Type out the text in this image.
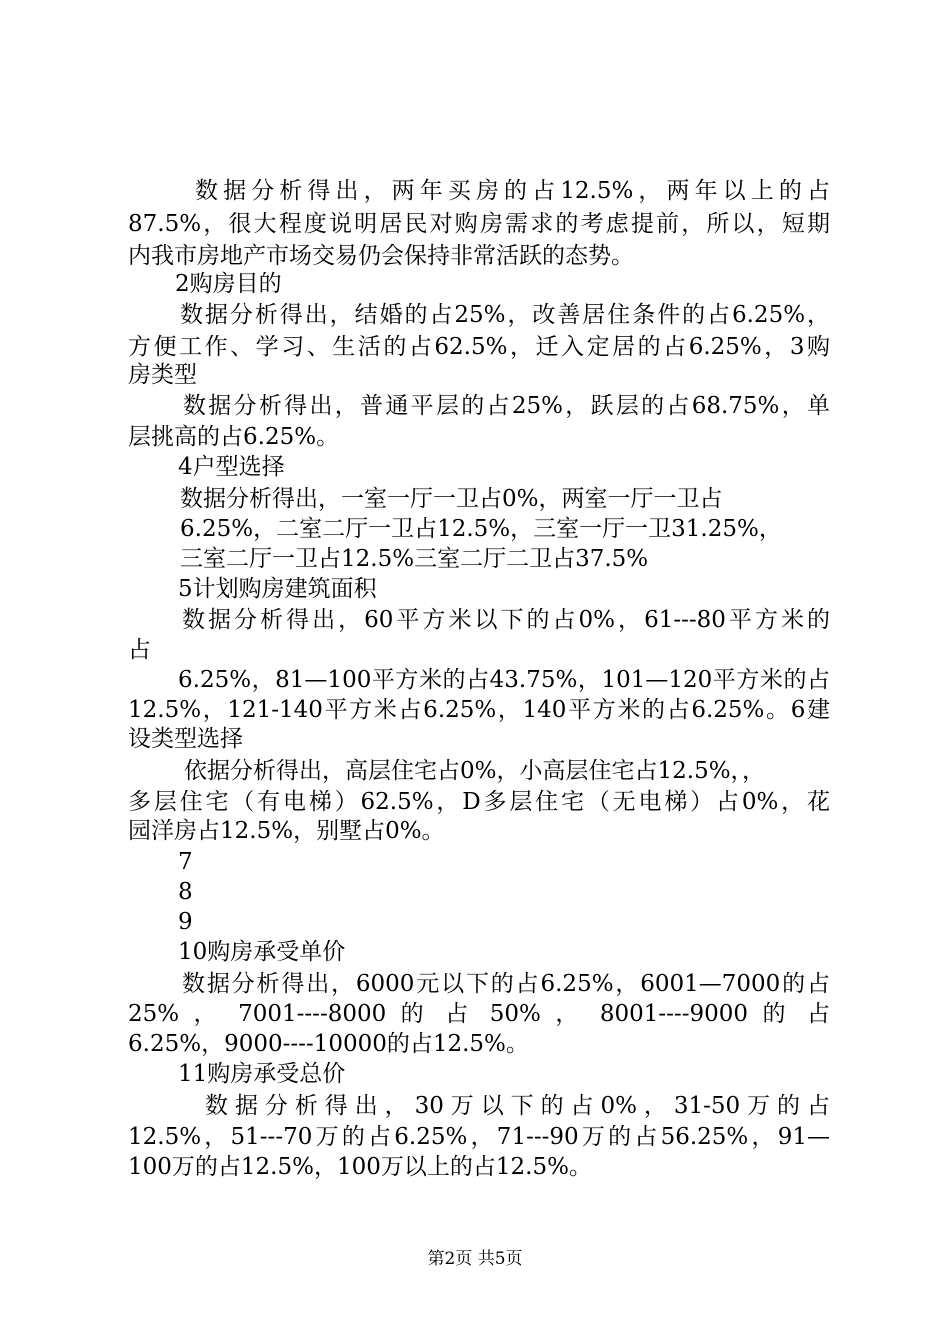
数据分析得出，两年买房的占12.5%，两年以上的占
87.5%，很大程度说明居民对购房需求的考虑提前，所以，短期
内我市房地产市场交易仍会保持非常活跃的态势。
2购房目的
数据分析得出，结婚的占25%，改善居住条件的占6.25%，
方便工作、学习、生活的占62.5%，迁入定居的占6.25%，3购
房类型
数据分析得出，普通平层的占25%，跃层的占68.75%，单
层挑高的占6.25%。
4户型选择
数据分析得出，一室一厅一卫占0%，两室一厅一卫占
6.25%，二室二厅一卫占12.5%，三室一厅一卫31.25%，
三室二厅一卫占12.5%三室二厅二卫占37.5%
5计划购房建筑面积
数据分析得出，60平方米以下的占0%，61---80平方米的
占
6.25%，81—100平方米的占43.75%，101—120平方米的占
12.5%，121-140平方米占6.25%，140平方米的占6.25%。6建
设类型选择
依据分析得出，高层住宅占0%，小高层住宅占12.5%，，
多层住宅（有电梯）62.5%，D多层住宅（无电梯）占0%，花
园洋房占12.5%，别墅占0%。
7
8
9
10购房承受单价
数据分析得出，6000元以下的占6.25%，6001—7000的占
25% ， 7001----8000 的 占 50% ， 8001----9000 的 占
6.25%，9000----10000的占12.5%。
11购房承受总价
数据分析得出，30万以下的占0%，31-50万的占
12.5%，51---70万的占6.25%，71---90万的占56.25%，91—
100万的占12.5%，100万以上的占12.5%。
第2页 共5页
